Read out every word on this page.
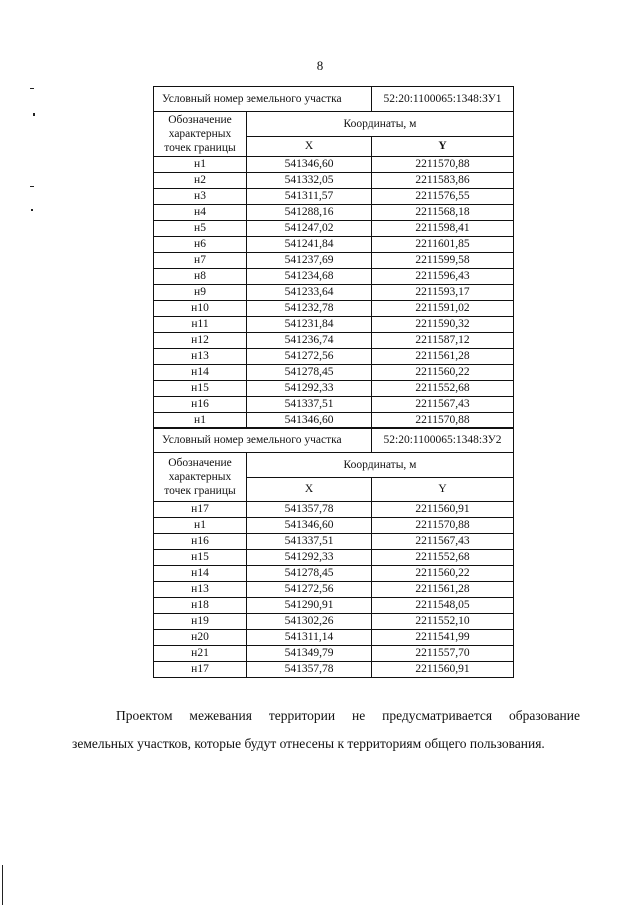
8
Условный номер земельного участка		52:20:1100065:1348:ЗУ1
Обозначение характерных точек границы	Координаты, м	
	X	Y
н1	541346,60	2211570,88
н2	541332,05	2211583,86
н3	541311,57	2211576,55
н4	541288,16	2211568,18
н5	541247,02	2211598,41
н6	541241,84	2211601,85
н7	541237,69	2211599,58
н8	541234,68	2211596,43
н9	541233,64	2211593,17
н10	541232,78	2211591,02
н11	541231,84	2211590,32
н12	541236,74	2211587,12
н13	541272,56	2211561,28
н14	541278,45	2211560,22
н15	541292,33	2211552,68
н16	541337,51	2211567,43
н1	541346,60	2211570,88
Условный номер земельного участка		52:20:1100065:1348:ЗУ2
Обозначение характерных точек границы	Координаты, м	
	X	Y
н17	541357,78	2211560,91
н1	541346,60	2211570,88
н16	541337,51	2211567,43
н15	541292,33	2211552,68
н14	541278,45	2211560,22
н13	541272,56	2211561,28
н18	541290,91	2211548,05
н19	541302,26	2211552,10
н20	541311,14	2211541,99
н21	541349,79	2211557,70
н17	541357,78	2211560,91
Проектом межевания территории не предусматривается образование
земельных участков, которые будут отнесены к территориям общего пользования.
